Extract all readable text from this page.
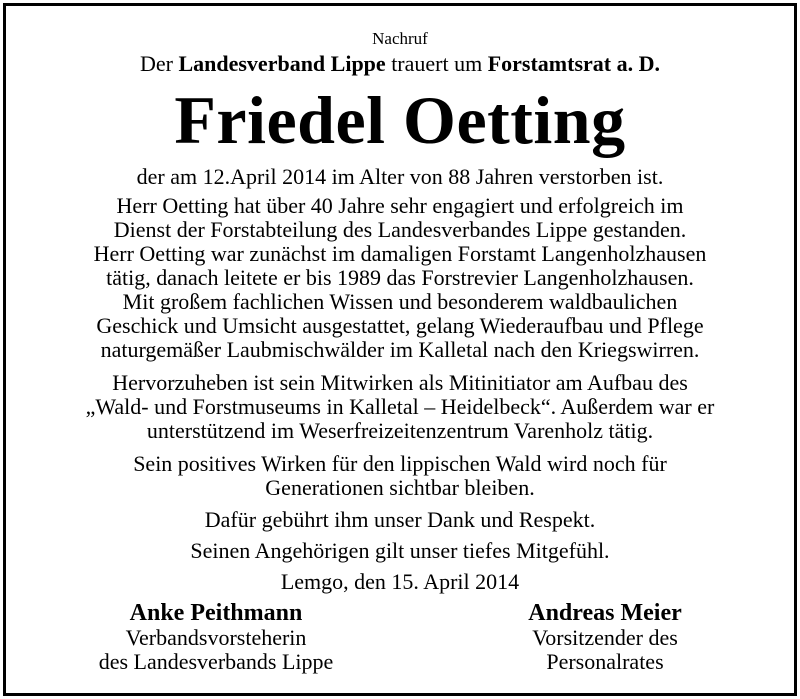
Nachruf
Der Landesverband Lippe trauert um Forstamtsrat a. D.
Friedel Oetting
der am 12.April 2014 im Alter von 88 Jahren verstorben ist.
Herr Oetting hat über 40 Jahre sehr engagiert und erfolgreich im
Dienst der Forstabteilung des Landesverbandes Lippe gestanden.
Herr Oetting war zunächst im damaligen Forstamt Langenholzhausen
tätig, danach leitete er bis 1989 das Forstrevier Langenholzhausen.
Mit großem fachlichen Wissen und besonderem waldbaulichen
Geschick und Umsicht ausgestattet, gelang Wiederaufbau und Pflege
naturgemäßer Laubmischwälder im Kalletal nach den Kriegswirren.
Hervorzuheben ist sein Mitwirken als Mitinitiator am Aufbau des
„Wald- und Forstmuseums in Kalletal – Heidelbeck“. Außerdem war er
unterstützend im Weserfreizeitenzentrum Varenholz tätig.
Sein positives Wirken für den lippischen Wald wird noch für
Generationen sichtbar bleiben.
Dafür gebührt ihm unser Dank und Respekt.
Seinen Angehörigen gilt unser tiefes Mitgefühl.
Lemgo, den 15. April 2014
Anke Peithmann
Verbandsvorsteherin
des Landesverbands Lippe
Andreas Meier
Vorsitzender des
Personalrates
